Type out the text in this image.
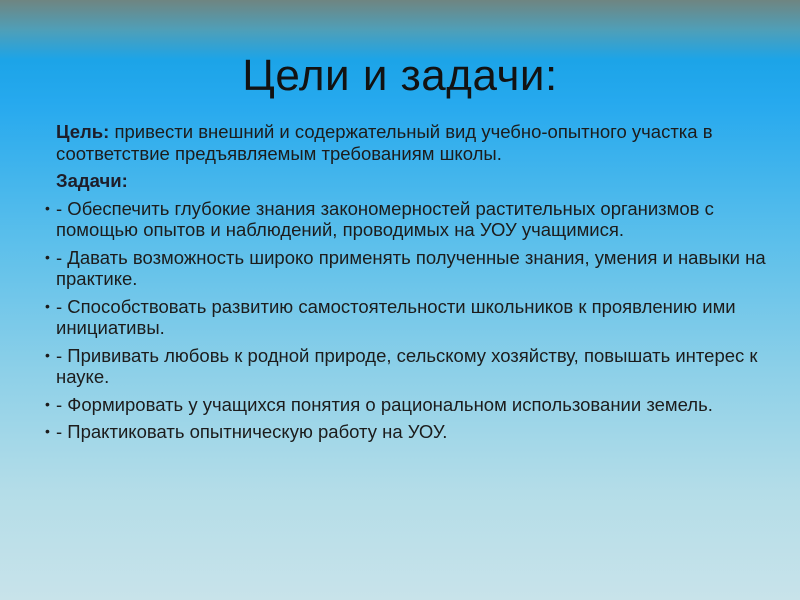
Цели и задачи:

Цель: привести внешний и содержательный вид учебно-опытного участка в соответствие предъявляемым требованиям школы.

Задачи:

• - Обеспечить глубокие знания закономерностей растительных организмов с помощью опытов и наблюдений, проводимых на УОУ учащимися.
• - Давать возможность широко применять полученные знания, умения и навыки на практике.
• - Способствовать развитию самостоятельности школьников к проявлению ими инициативы.
• - Прививать любовь к родной природе, сельскому хозяйству, повышать интерес к науке.
• - Формировать у учащихся понятия о рациональном использовании земель.
• - Практиковать опытническую работу на УОУ.
